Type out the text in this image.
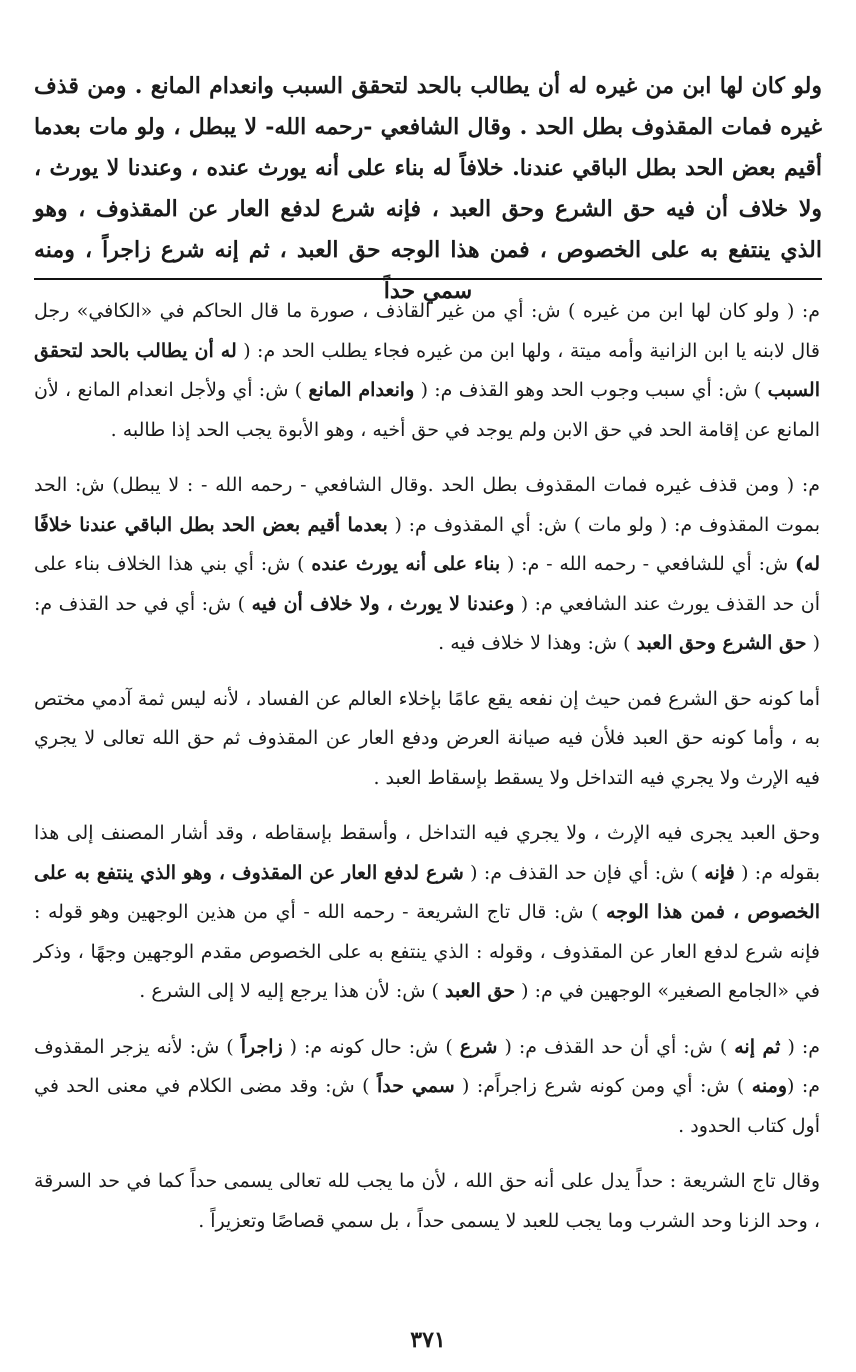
ولو كان لها ابن من غيره له أن يطالب بالحد لتحقق السبب وانعدام المانع . ومن قذف غيره فمات المقذوف بطل الحد . وقال الشافعي -رحمه الله- لا يبطل ، ولو مات بعدما أقيم بعض الحد بطل الباقي عندنا. خلافاً له بناء على أنه يورث عنده ، وعندنا لا يورث ، ولا خلاف أن فيه حق الشرع وحق العبد ، فإنه شرع لدفع العار عن المقذوف ، وهو الذي ينتفع به على الخصوص ، فمن هذا الوجه حق العبد ، ثم إنه شرع زاجراً ، ومنه سمي حداً

م: ( ولو كان لها ابن من غيره ) ش: أي من غير القاذف ، صورة ما قال الحاكم في «الكافي» رجل قال لابنه يا ابن الزانية وأمه ميتة ، ولها ابن من غيره فجاء يطلب الحد م: ( له أن يطالب بالحد لتحقق السبب ) ش: أي سبب وجوب الحد وهو القذف م: ( وانعدام المانع ) ش: أي ولأجل انعدام المانع ، لأن المانع عن إقامة الحد في حق الابن ولم يوجد في حق أخيه ، وهو الأبوة يجب الحد إذا طالبه .

م: ( ومن قذف غيره فمات المقذوف بطل الحد .وقال الشافعي - رحمه الله - : لا يبطل) ش: الحد بموت المقذوف م: ( ولو مات ) ش: أي المقذوف م: ( بعدما أقيم بعض الحد بطل الباقي عندنا خلافًا له) ش: أي للشافعي - رحمه الله - م: ( بناء على أنه يورث عنده ) ش: أي بني هذا الخلاف بناء على أن حد القذف يورث عند الشافعي م: ( وعندنا لا يورث ، ولا خلاف أن فيه ) ش: أي في حد القذف م: ( حق الشرع وحق العبد ) ش: وهذا لا خلاف فيه .

أما كونه حق الشرع فمن حيث إن نفعه يقع عامًا بإخلاء العالم عن الفساد ، لأنه ليس ثمة آدمي مختص به ، وأما كونه حق العبد فلأن فيه صيانة العرض ودفع العار عن المقذوف ثم حق الله تعالى لا يجري فيه الإرث ولا يجري فيه التداخل ولا يسقط بإسقاط العبد .

وحق العبد يجرى فيه الإرث ، ولا يجري فيه التداخل ، وأسقط بإسقاطه ، وقد أشار المصنف إلى هذا بقوله م: ( فإنه ) ش: أي فإن حد القذف م: ( شرع لدفع العار عن المقذوف ، وهو الذي ينتفع به على الخصوص ، فمن هذا الوجه ) ش: قال تاج الشريعة - رحمه الله - أي من هذين الوجهين وهو قوله : فإنه شرع لدفع العار عن المقذوف ، وقوله : الذي ينتفع به على الخصوص مقدم الوجهين وجهًا ، وذكر في «الجامع الصغير» الوجهين في م: ( حق العبد ) ش: لأن هذا يرجع إليه لا إلى الشرع .

م: ( ثم إنه ) ش: أي أن حد القذف م: ( شرع ) ش: حال كونه م: ( زاجراً ) ش: لأنه يزجر المقذوف م: (ومنه ) ش: أي ومن كونه شرع زاجراًم: ( سمي حداً ) ش: وقد مضى الكلام في معنى الحد في أول كتاب الحدود .

وقال تاج الشريعة : حداً يدل على أنه حق الله ، لأن ما يجب لله تعالى يسمى حداً كما في حد السرقة ، وحد الزنا وحد الشرب وما يجب للعبد لا يسمى حداً ، بل سمي قصاصًا وتعزيراً .

٣٧١
